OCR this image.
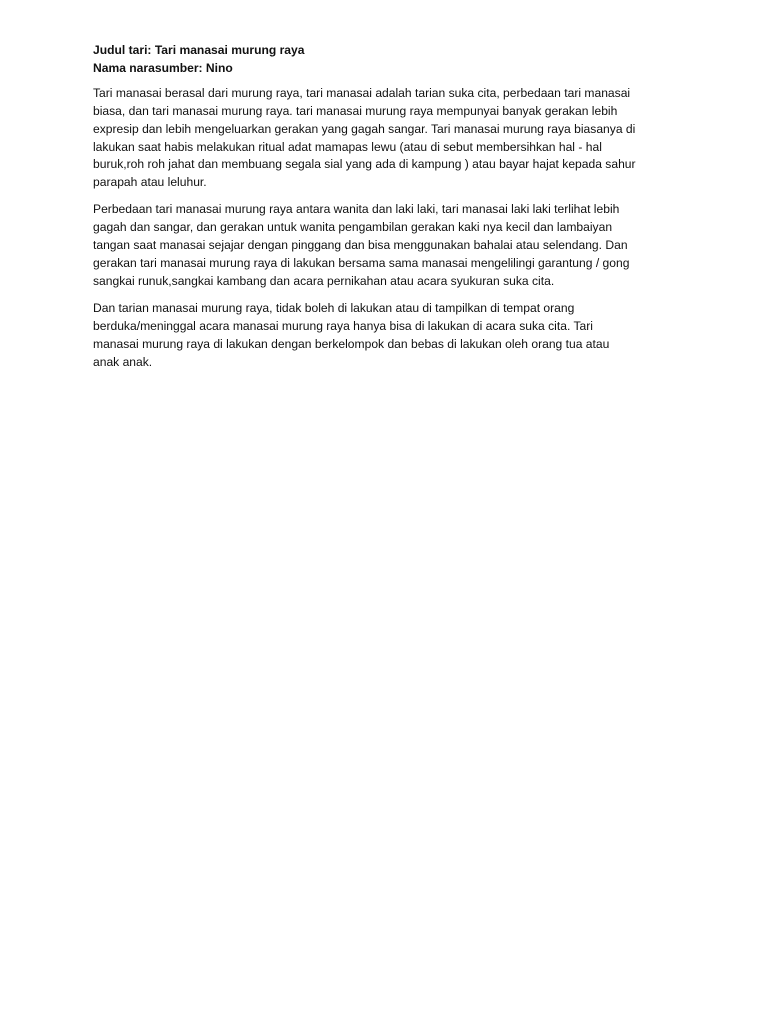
Judul tari: Tari manasai murung raya

Nama narasumber: Nino

Tari manasai berasal dari murung raya, tari manasai adalah tarian suka cita, perbedaan tari manasai
biasa, dan tari manasai murung raya. tari manasai murung raya mempunyai banyak gerakan lebih
expresip dan lebih mengeluarkan gerakan yang gagah sangar. Tari manasai murung raya biasanya di
lakukan saat habis melakukan ritual adat mamapas lewu (atau di sebut membersihkan hal - hal
buruk,roh roh jahat dan membuang segala sial yang ada di kampung ) atau bayar hajat kepada sahur
parapah atau leluhur.

Perbedaan tari manasai murung raya antara wanita dan laki laki, tari manasai laki laki terlihat lebih
gagah dan sangar, dan gerakan untuk wanita pengambilan gerakan kaki nya kecil dan lambaiyan
tangan saat manasai sejajar dengan pinggang dan bisa menggunakan bahalai atau selendang. Dan
gerakan tari manasai murung raya di lakukan bersama sama manasai mengelilingi garantung / gong
sangkai runuk,sangkai kambang dan acara pernikahan atau acara syukuran suka cita.

Dan tarian manasai murung raya, tidak boleh di lakukan atau di tampilkan di tempat orang
berduka/meninggal acara manasai murung raya hanya bisa di lakukan di acara suka cita. Tari
manasai murung raya di lakukan dengan berkelompok dan bebas di lakukan oleh orang tua atau
anak anak.
